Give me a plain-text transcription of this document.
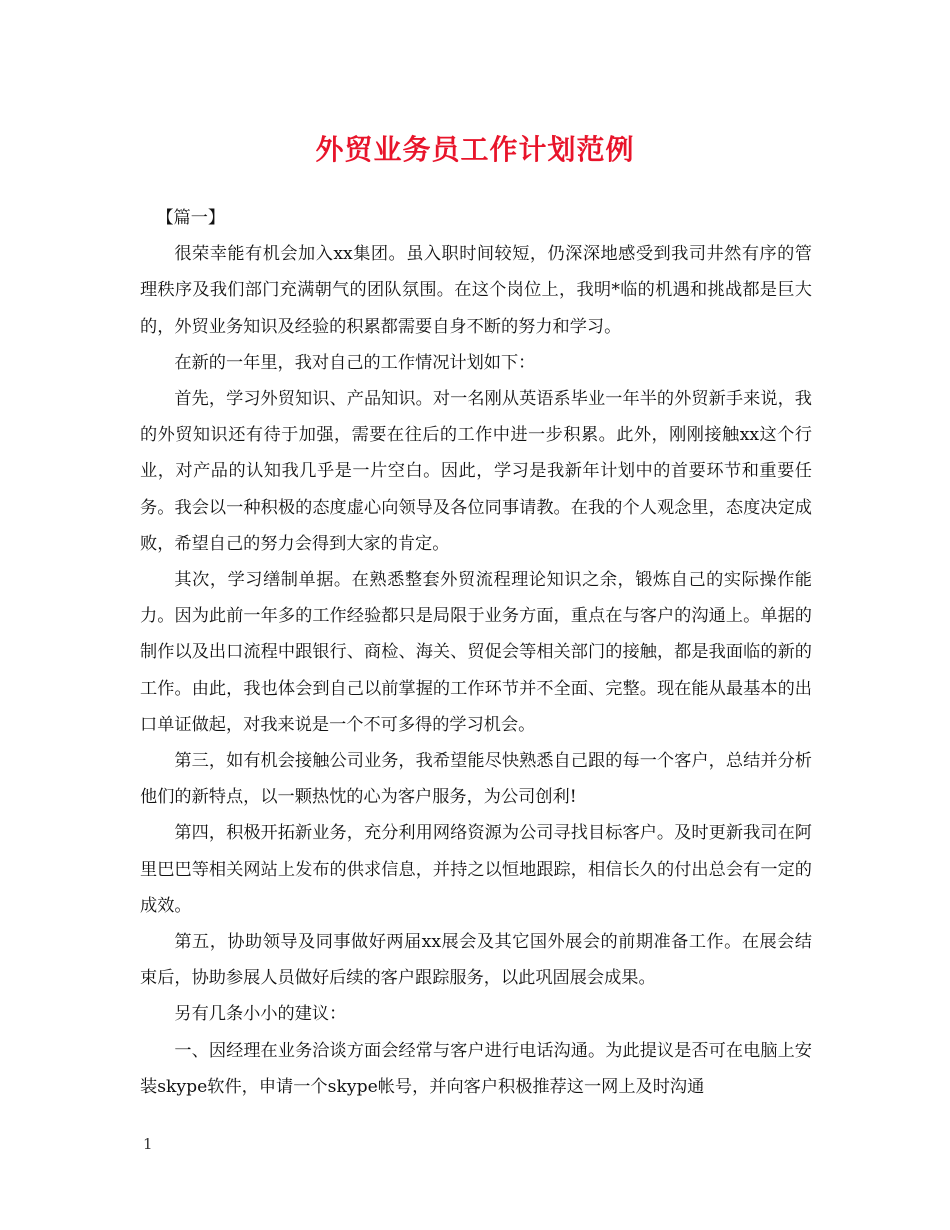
外贸业务员工作计划范例

【篇一】

很荣幸能有机会加入xx集团。虽入职时间较短，仍深深地感受到我司井然有序的管理秩序及我们部门充满朝气的团队氛围。在这个岗位上，我明*临的机遇和挑战都是巨大的，外贸业务知识及经验的积累都需要自身不断的努力和学习。

在新的一年里，我对自己的工作情况计划如下：

首先，学习外贸知识、产品知识。对一名刚从英语系毕业一年半的外贸新手来说，我的外贸知识还有待于加强，需要在往后的工作中进一步积累。此外，刚刚接触xx这个行业，对产品的认知我几乎是一片空白。因此，学习是我新年计划中的首要环节和重要任务。我会以一种积极的态度虚心向领导及各位同事请教。在我的个人观念里，态度决定成败，希望自己的努力会得到大家的肯定。

其次，学习缮制单据。在熟悉整套外贸流程理论知识之余，锻炼自己的实际操作能力。因为此前一年多的工作经验都只是局限于业务方面，重点在与客户的沟通上。单据的制作以及出口流程中跟银行、商检、海关、贸促会等相关部门的接触，都是我面临的新的工作。由此，我也体会到自己以前掌握的工作环节并不全面、完整。现在能从最基本的出口单证做起，对我来说是一个不可多得的学习机会。

第三，如有机会接触公司业务，我希望能尽快熟悉自己跟的每一个客户，总结并分析他们的新特点，以一颗热忱的心为客户服务，为公司创利!

第四，积极开拓新业务，充分利用网络资源为公司寻找目标客户。及时更新我司在阿里巴巴等相关网站上发布的供求信息，并持之以恒地跟踪，相信长久的付出总会有一定的成效。

第五，协助领导及同事做好两届xx展会及其它国外展会的前期准备工作。在展会结束后，协助参展人员做好后续的客户跟踪服务，以此巩固展会成果。

另有几条小小的建议：

一、因经理在业务洽谈方面会经常与客户进行电话沟通。为此提议是否可在电脑上安装skype软件，申请一个skype帐号，并向客户积极推荐这一网上及时沟通

1
